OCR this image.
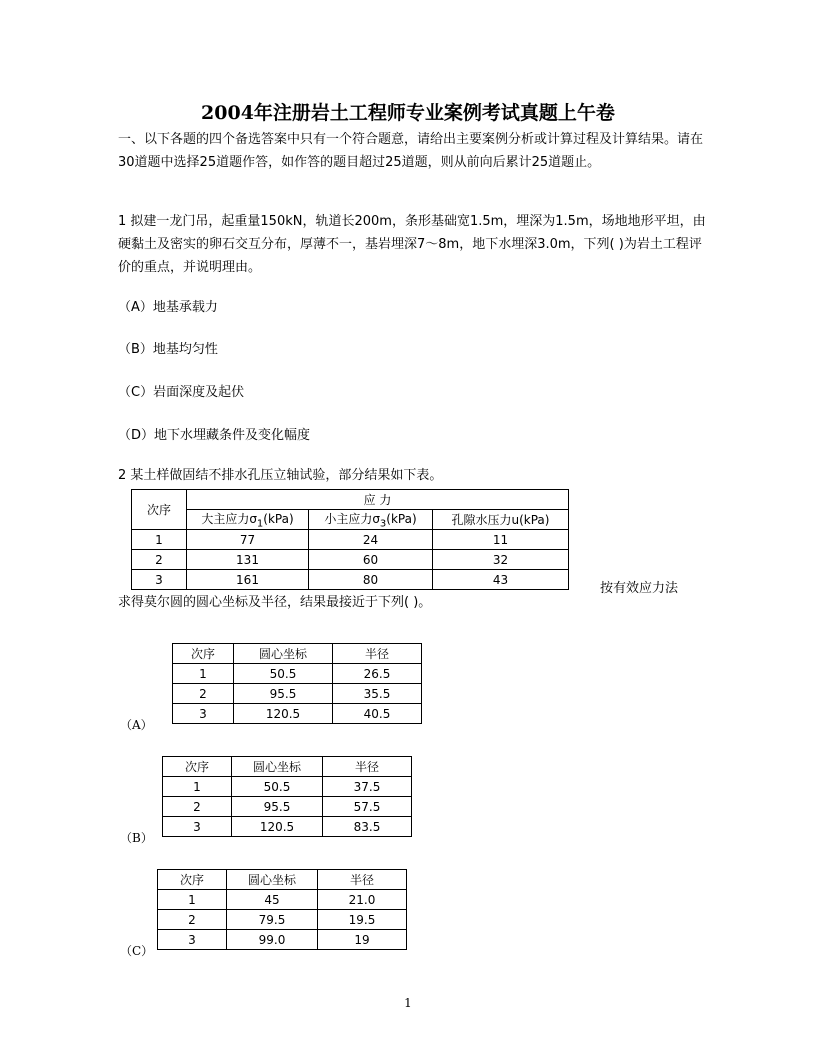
2004年注册岩土工程师专业案例考试真题上午卷
一、以下各题的四个备选答案中只有一个符合题意，请给出主要案例分析或计算过程及计算结果。请在30道题中选择25道题作答，如作答的题目超过25道题，则从前向后累计25道题止。
1 拟建一龙门吊，起重量150kN，轨道长200m，条形基础宽1.5m，埋深为1.5m，场地地形平坦，由硬黏土及密实的卵石交互分布，厚薄不一，基岩埋深7～8m，地下水埋深3.0m，下列( )为岩土工程评价的重点，并说明理由。
（A）地基承载力
（B）地基均匀性
（C）岩面深度及起伏
（D）地下水埋藏条件及变化幅度
2 某土样做固结不排水孔压立轴试验，部分结果如下表。
次序	应 力		
	大主应力$\sigma_1(kPa)$	小主应力$\sigma_3(kPa)$	孔隙水压力u(kPa)
1	77	24	11
2	131	60	32
3	161	80	43
按有效应力法
求得莫尔圆的圆心坐标及半径，结果最接近于下列( )。
次序	圆心坐标	半径
1	50.5	26.5
2	95.5	35.5
3	120.5	40.5
（A）
次序	圆心坐标	半径
1	50.5	37.5
2	95.5	57.5
3	120.5	83.5
（B）
次序	圆心坐标	半径
1	45	21.0
2	79.5	19.5
3	99.0	19
（C）
1
